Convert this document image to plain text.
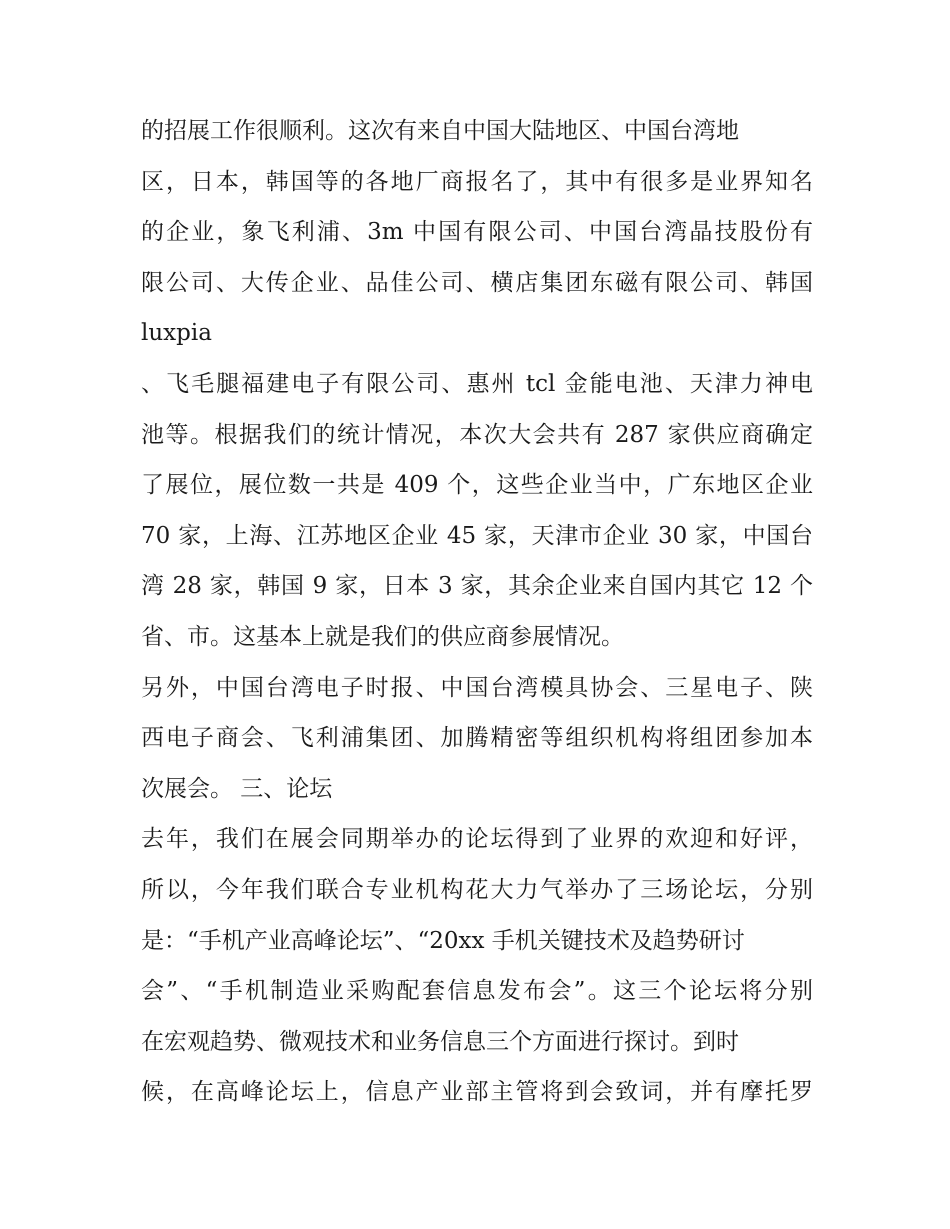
的招展工作很顺利。这次有来自中国大陆地区、中国台湾地
区，日本，韩国等的各地厂商报名了，其中有很多是业界知名
的企业，象飞利浦、3m 中国有限公司、中国台湾晶技股份有
限公司、大传企业、品佳公司、横店集团东磁有限公司、韩国
luxpia
、飞毛腿福建电子有限公司、惠州 tcl 金能电池、天津力神电
池等。根据我们的统计情况，本次大会共有 287 家供应商确定
了展位，展位数一共是 409 个，这些企业当中，广东地区企业
70 家，上海、江苏地区企业 45 家，天津市企业 30 家，中国台
湾 28 家，韩国 9 家，日本 3 家，其余企业来自国内其它 12 个
省、市。这基本上就是我们的供应商参展情况。
另外，中国台湾电子时报、中国台湾模具协会、三星电子、陕
西电子商会、飞利浦集团、加腾精密等组织机构将组团参加本
次展会。 三、论坛
去年，我们在展会同期举办的论坛得到了业界的欢迎和好评，
所以，今年我们联合专业机构花大力气举办了三场论坛，分别
是：“手机产业高峰论坛”、“20xx 手机关键技术及趋势研讨
会”、“手机制造业采购配套信息发布会”。这三个论坛将分别
在宏观趋势、微观技术和业务信息三个方面进行探讨。到时
候，在高峰论坛上，信息产业部主管将到会致词，并有摩托罗
